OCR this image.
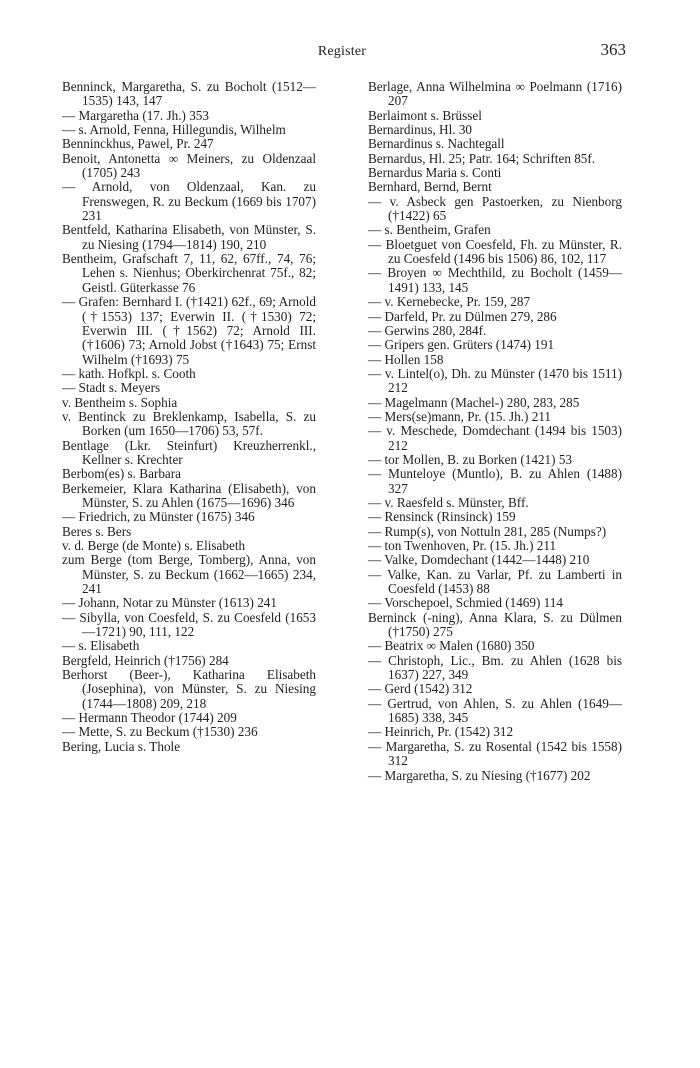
Register	363

Benninck, Margaretha, S. zu Bocholt (1512—1535) 143, 147

— Margaretha (17. Jh.) 353

— s. Arnold, Fenna, Hillegundis, Wilhelm

Benninckhus, Pawel, Pr. 247

Benoit, Antonetta ∞ Meiners, zu Oldenzaal (1705) 243

— Arnold, von Oldenzaal, Kan. zu Frenswegen, R. zu Beckum (1669 bis 1707) 231

Bentfeld, Katharina Elisabeth, von Münster, S. zu Niesing (1794—1814) 190, 210

Bentheim, Grafschaft 7, 11, 62, 67ff., 74, 76; Lehen s. Nienhus; Oberkirchenrat 75f., 82; Geistl. Güterkasse 76

— Grafen: Bernhard I. (†1421) 62f., 69; Arnold (†1553) 137; Everwin II. (†1530) 72; Everwin III. (†1562) 72; Arnold III. (†1606) 73; Arnold Jobst (†1643) 75; Ernst Wilhelm (†1693) 75

— kath. Hofkpl. s. Cooth

— Stadt s. Meyers

v. Bentheim s. Sophia

v. Bentinck zu Breklenkamp, Isabella, S. zu Borken (um 1650—1706) 53, 57f.

Bentlage (Lkr. Steinfurt) Kreuzherrenkl., Kellner s. Krechter

Berbom(es) s. Barbara

Berkemeier, Klara Katharina (Elisabeth), von Münster, S. zu Ahlen (1675—1696) 346

— Friedrich, zu Münster (1675) 346

Beres s. Bers

v. d. Berge (de Monte) s. Elisabeth

zum Berge (tom Berge, Tomberg), Anna, von Münster, S. zu Beckum (1662—1665) 234, 241

— Johann, Notar zu Münster (1613) 241

— Sibylla, von Coesfeld, S. zu Coesfeld (1653—1721) 90, 111, 122

— s. Elisabeth

Bergfeld, Heinrich (†1756) 284

Berhorst (Beer-), Katharina Elisabeth (Josephina), von Münster, S. zu Niesing (1744—1808) 209, 218

— Hermann Theodor (1744) 209

— Mette, S. zu Beckum (†1530) 236

Bering, Lucia s. Thole

Berlage, Anna Wilhelmina ∞ Poelmann (1716) 207

Berlaimont s. Brüssel

Bernardinus, Hl. 30

Bernardinus s. Nachtegall

Bernardus, Hl. 25; Patr. 164; Schriften 85f.

Bernardus Maria s. Conti

Bernhard, Bernd, Bernt

— v. Asbeck gen Pastoerken, zu Nienborg (†1422) 65

— s. Bentheim, Grafen

— Bloetguet von Coesfeld, Fh. zu Münster, R. zu Coesfeld (1496 bis 1506) 86, 102, 117

— Broyen ∞ Mechthild, zu Bocholt (1459—1491) 133, 145

— v. Kernebecke, Pr. 159, 287

— Darfeld, Pr. zu Dülmen 279, 286

— Gerwins 280, 284f.

— Gripers gen. Grüters (1474) 191

— Hollen 158

— v. Lintel(o), Dh. zu Münster (1470 bis 1511) 212

— Magelmann (Machel-) 280, 283, 285

— Mers(se)mann, Pr. (15. Jh.) 211

— v. Meschede, Domdechant (1494 bis 1503) 212

— tor Mollen, B. zu Borken (1421) 53

— Munteloye (Muntlo), B. zu Ahlen (1488) 327

— v. Raesfeld s. Münster, Bff.

— Rensinck (Rinsinck) 159

— Rump(s), von Nottuln 281, 285 (Numps?)

— ton Twenhoven, Pr. (15. Jh.) 211

— Valke, Domdechant (1442—1448) 210

— Valke, Kan. zu Varlar, Pf. zu Lamberti in Coesfeld (1453) 88

— Vorschepoel, Schmied (1469) 114

Berninck (-ning), Anna Klara, S. zu Dülmen (†1750) 275

— Beatrix ∞ Malen (1680) 350

— Christoph, Lic., Bm. zu Ahlen (1628 bis 1637) 227, 349

— Gerd (1542) 312

— Gertrud, von Ahlen, S. zu Ahlen (1649—1685) 338, 345

— Heinrich, Pr. (1542) 312

— Margaretha, S. zu Rosental (1542 bis 1558) 312

— Margaretha, S. zu Niesing (†1677) 202
